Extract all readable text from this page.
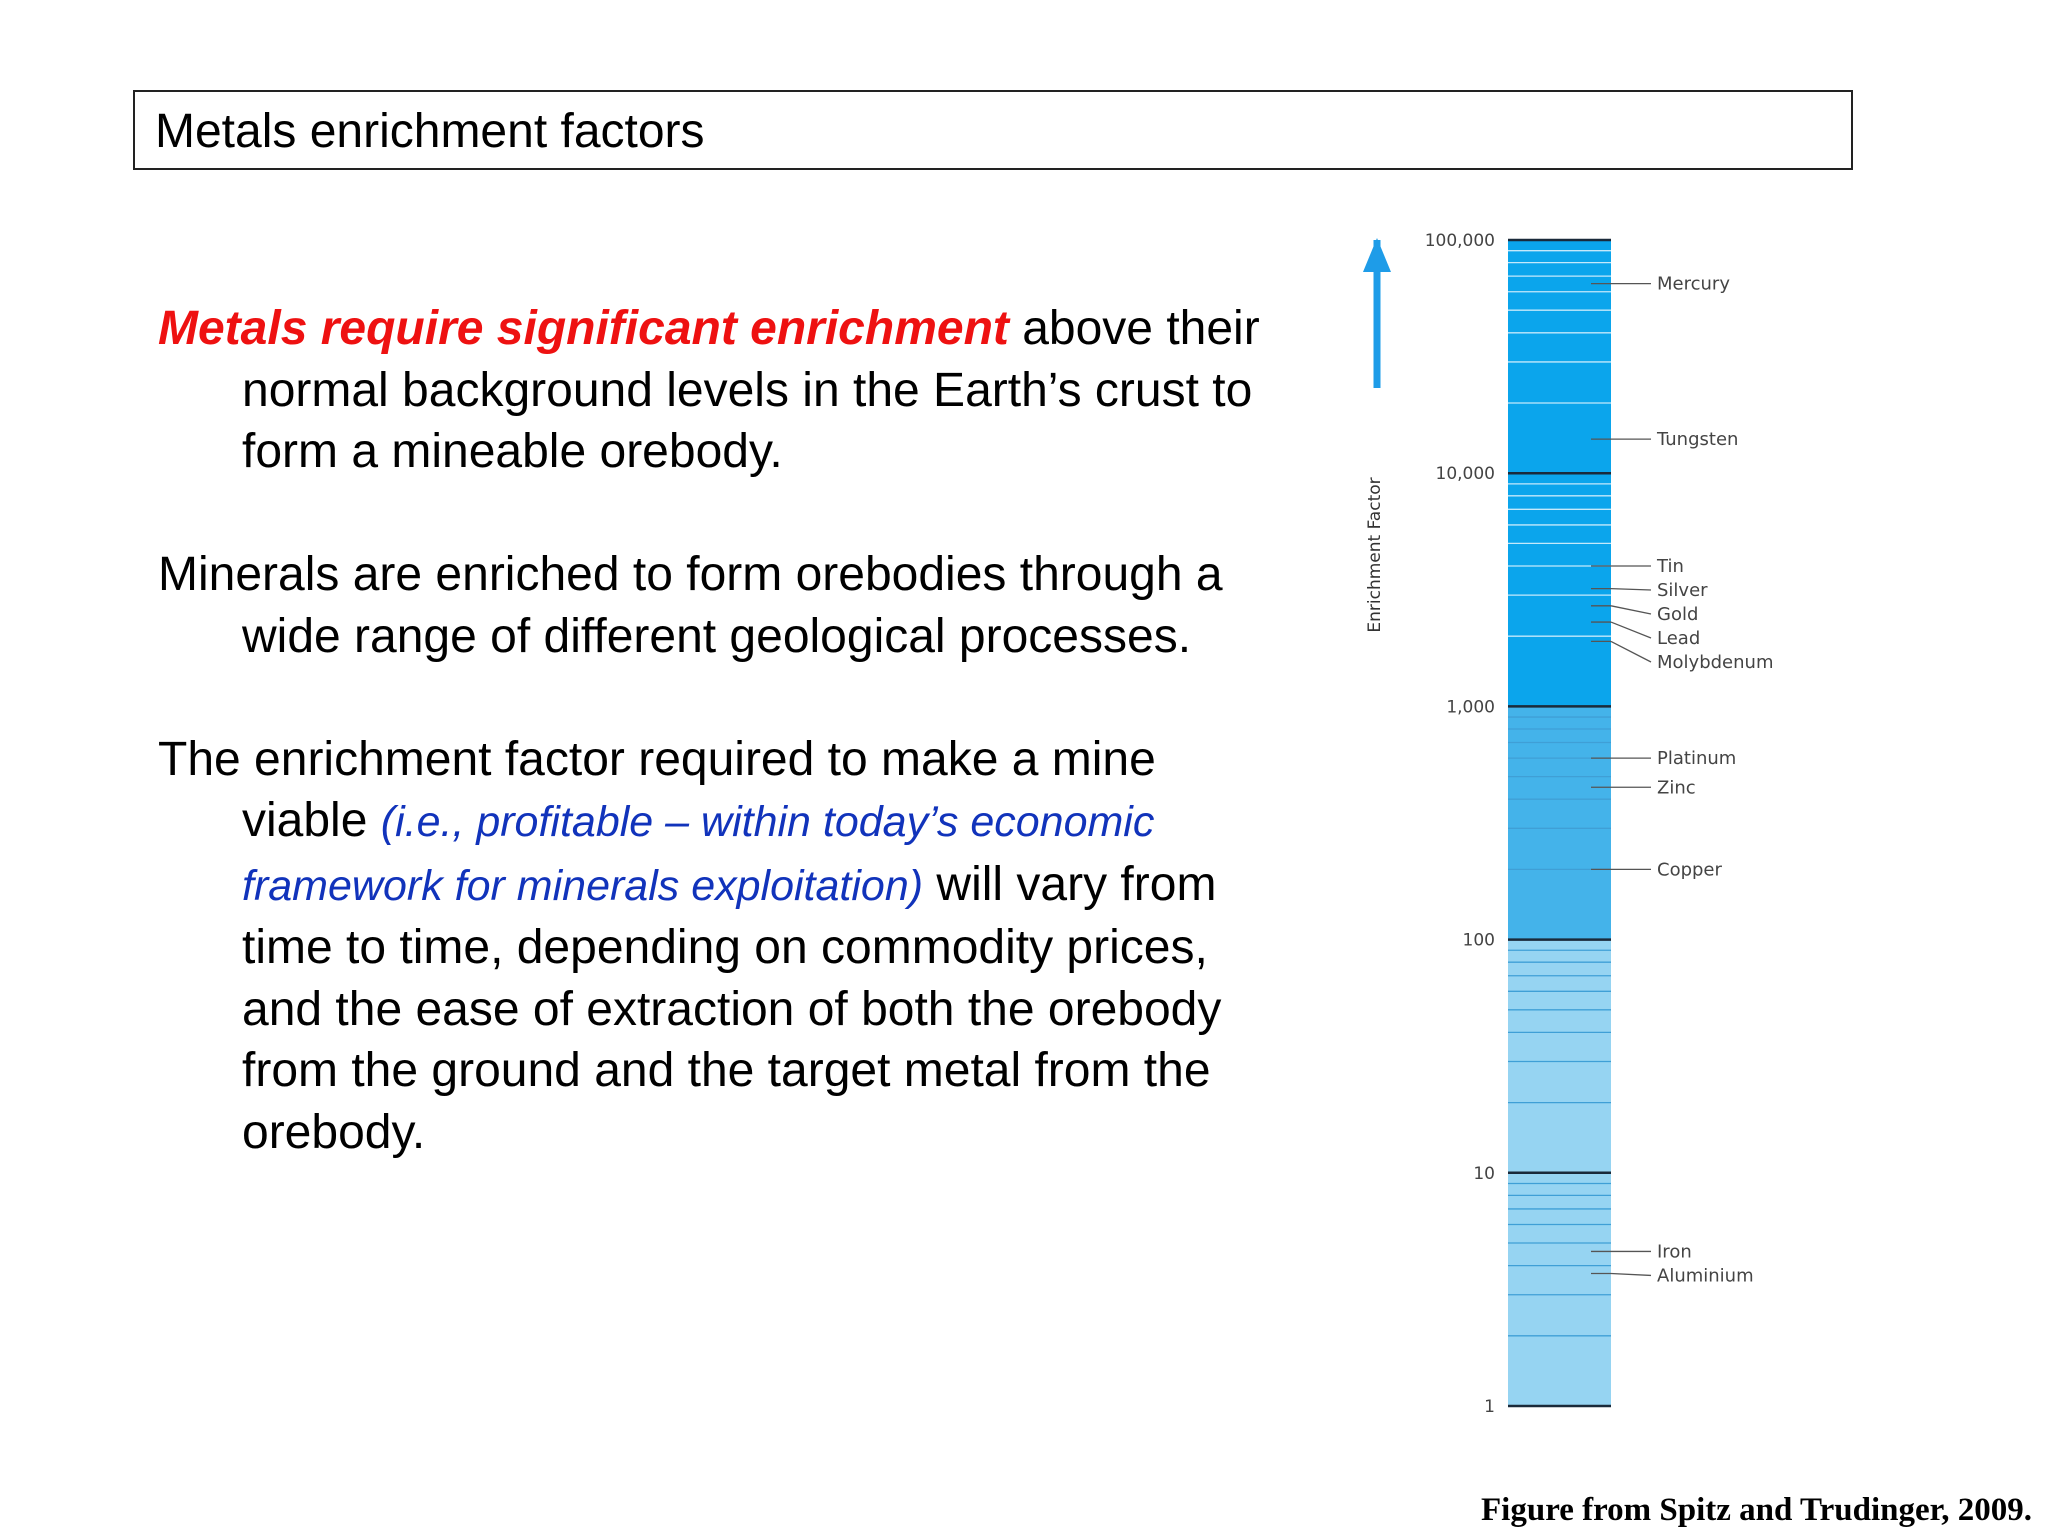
Metals enrichment factors

Metals require significant enrichment above their normal background levels in the Earth’s crust to form a mineable orebody.

Minerals are enriched to form orebodies through a wide range of different geological processes.

The enrichment factor required to make a mine viable (i.e., profitable – within today’s economic framework for minerals exploitation) will vary from time to time, depending on commodity prices, and the ease of extraction of both the orebody from the ground and the target metal from the orebody.

1
10
100
1,000
10,000
100,000
Enrichment Factor
Mercury
Tungsten
Tin
Silver
Gold
Lead
Molybdenum
Platinum
Zinc
Copper
Iron
Aluminium
Figure from Spitz and Trudinger, 2009.
